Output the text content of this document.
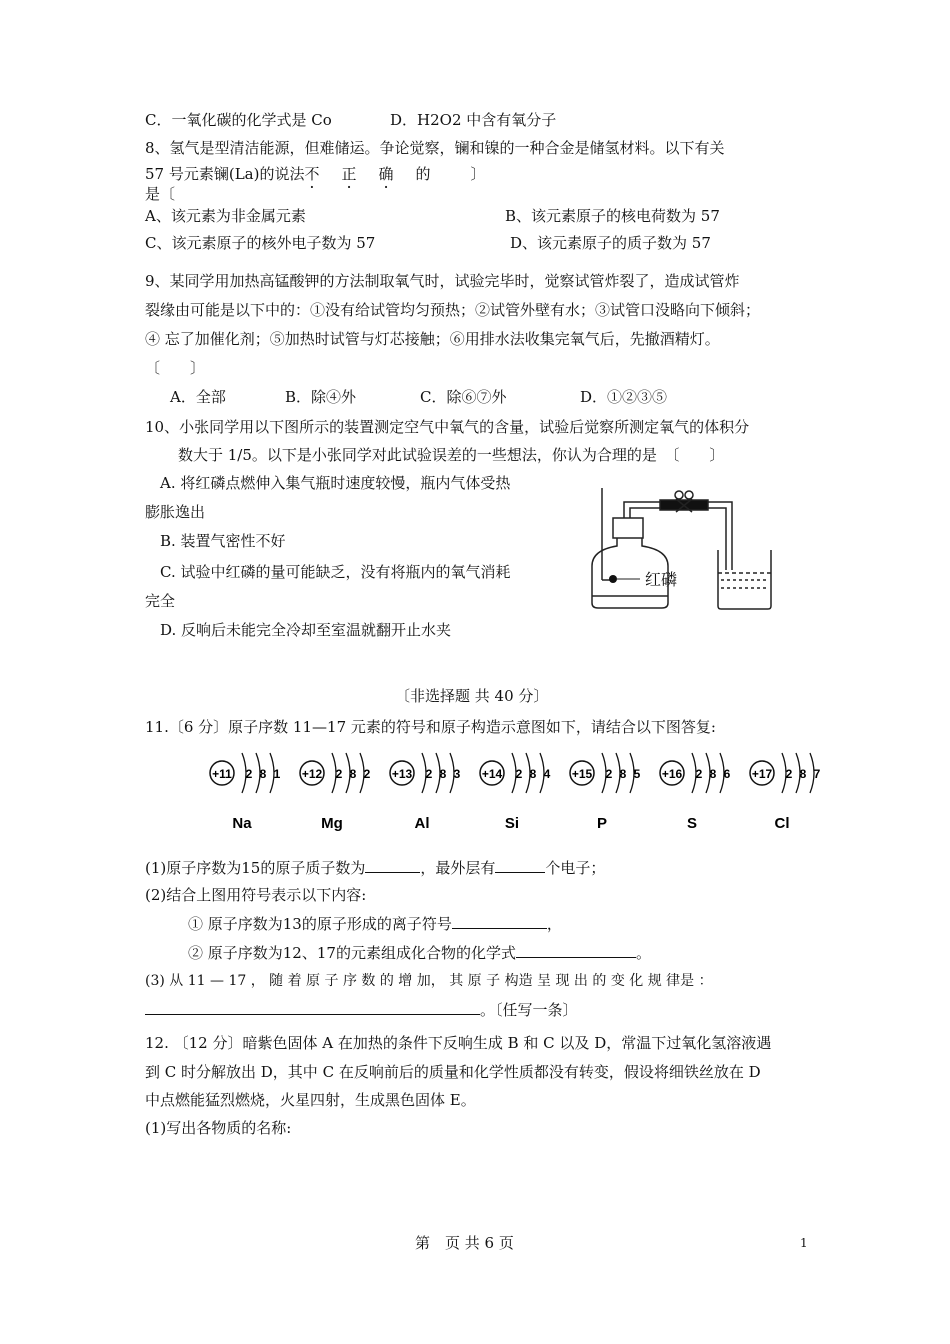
C．一氧化碳的化学式是 Co	D．H2O2 中含有氧分子
8、氢气是型清洁能源，但难储运。争论觉察，镧和镍的一种合金是储氢材料。以下有关
57 号元素镧(La)的说法不 正 确 的	〕
是〔
A、该元素为非金属元素	B、该元素原子的核电荷数为 57
C、该元素原子的核外电子数为 57	D、该元素原子的质子数为 57
9、某同学用加热高锰酸钾的方法制取氧气时，试验完毕时，觉察试管炸裂了，造成试管炸
裂缘由可能是以下中的：①没有给试管均匀预热；②试管外壁有水；③试管口没略向下倾斜；
④ 忘了加催化剂；⑤加热时试管与灯芯接触；⑥用排水法收集完氧气后，先撤酒精灯。
〔　　〕
A．全部	B．除④外	C．除⑥⑦外	D．①②③⑤
10、小张同学用以下图所示的装置测定空气中氧气的含量，试验后觉察所测定氧气的体积分
数大于 1/5。以下是小张同学对此试验误差的一些想法，你认为合理的是　〔　　〕
A. 将红磷点燃伸入集气瓶时速度较慢，瓶内气体受热
膨胀逸出
B. 装置气密性不好
C. 试验中红磷的量可能缺乏，没有将瓶内的氧气消耗
完全
D. 反响后未能完全冷却至室温就翻开止水夹
红磷
〔非选择题 共 40 分〕
11.〔6 分〕原子序数 11—17 元素的符号和原子构造示意图如下，请结合以下图答复:
+11 2 8 1
Na
+12 2 8 2
Mg
+13 2 8 3
Al
+14 2 8 4
Si
+15 2 8 5
P
+16 2 8 6
S
+17 2 8 7
Cl
(1)原子序数为15的原子质子数为	，最外层有	个电子；
(2)结合上图用符号表示以下内容:
① 原子序数为13的原子形成的离子符号	，
② 原子序数为12、17的元素组成化合物的化学式	。
(3) 从 11 — 17 ， 随 着 原 子 序 数 的 增 加， 其 原 子 构造 呈 现 出 的 变 化 规 律是 ：
。〔任写一条〕
12. 〔12 分〕暗紫色固体 A 在加热的条件下反响生成 B 和 C 以及 D，常温下过氧化氢溶液遇
到 C 时分解放出 D，其中 C 在反响前后的质量和化学性质都没有转变，假设将细铁丝放在 D
中点燃能猛烈燃烧，火星四射，生成黑色固体 E。
(1)写出各物质的名称:
第　页 共 6 页	1
